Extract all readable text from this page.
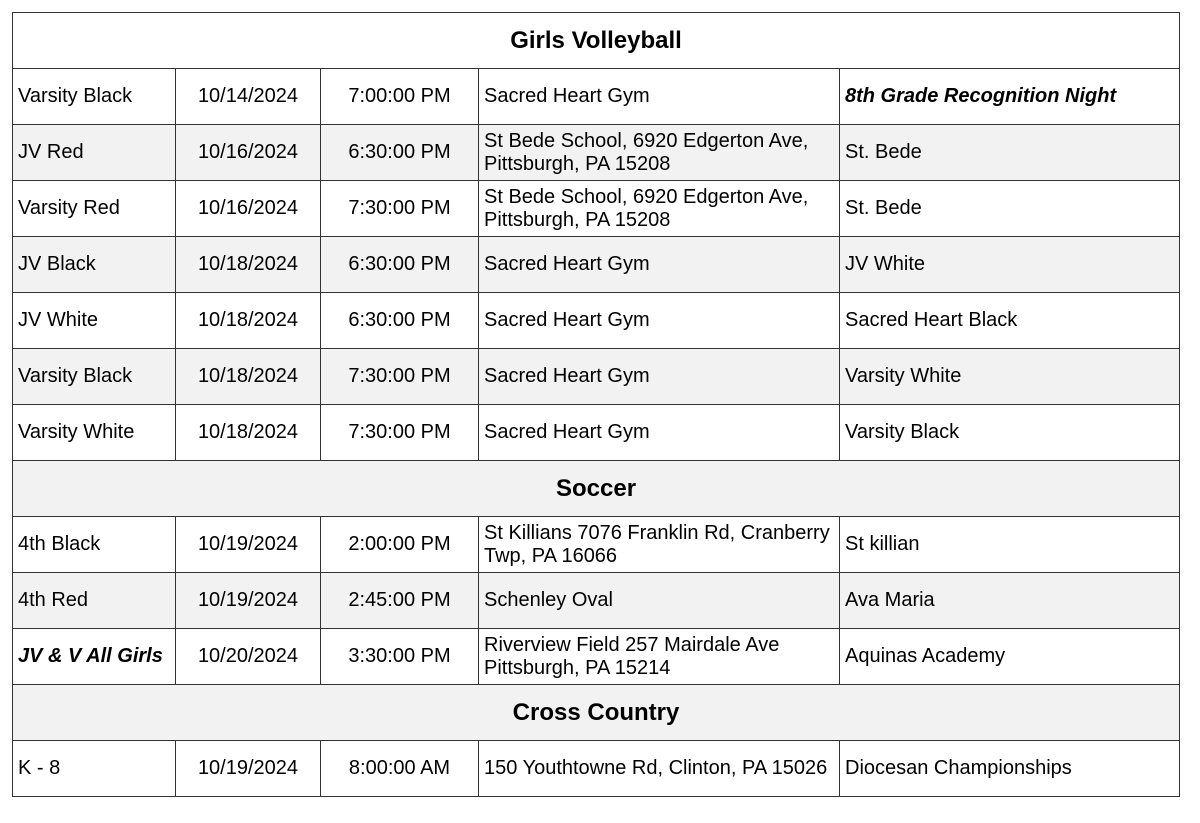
Girls Volleyball				
Varsity Black	10/14/2024	7:00:00 PM	Sacred Heart Gym	8th Grade Recognition Night
JV Red	10/16/2024	6:30:00 PM	St Bede School, 6920 Edgerton Ave, Pittsburgh, PA 15208	St. Bede
Varsity Red	10/16/2024	7:30:00 PM	St Bede School, 6920 Edgerton Ave, Pittsburgh, PA 15208	St. Bede
JV Black	10/18/2024	6:30:00 PM	Sacred Heart Gym	JV White
JV White	10/18/2024	6:30:00 PM	Sacred Heart Gym	Sacred Heart Black
Varsity Black	10/18/2024	7:30:00 PM	Sacred Heart Gym	Varsity White
Varsity White	10/18/2024	7:30:00 PM	Sacred Heart Gym	Varsity Black
Soccer				
4th Black	10/19/2024	2:00:00 PM	St Killians 7076 Franklin Rd, Cranberry Twp, PA 16066	St killian
4th Red	10/19/2024	2:45:00 PM	Schenley Oval	Ava Maria
JV & V All Girls	10/20/2024	3:30:00 PM	Riverview Field 257 Mairdale Ave Pittsburgh, PA 15214	Aquinas Academy
Cross Country				
K - 8	10/19/2024	8:00:00 AM	150 Youthtowne Rd, Clinton, PA 15026	Diocesan Championships
